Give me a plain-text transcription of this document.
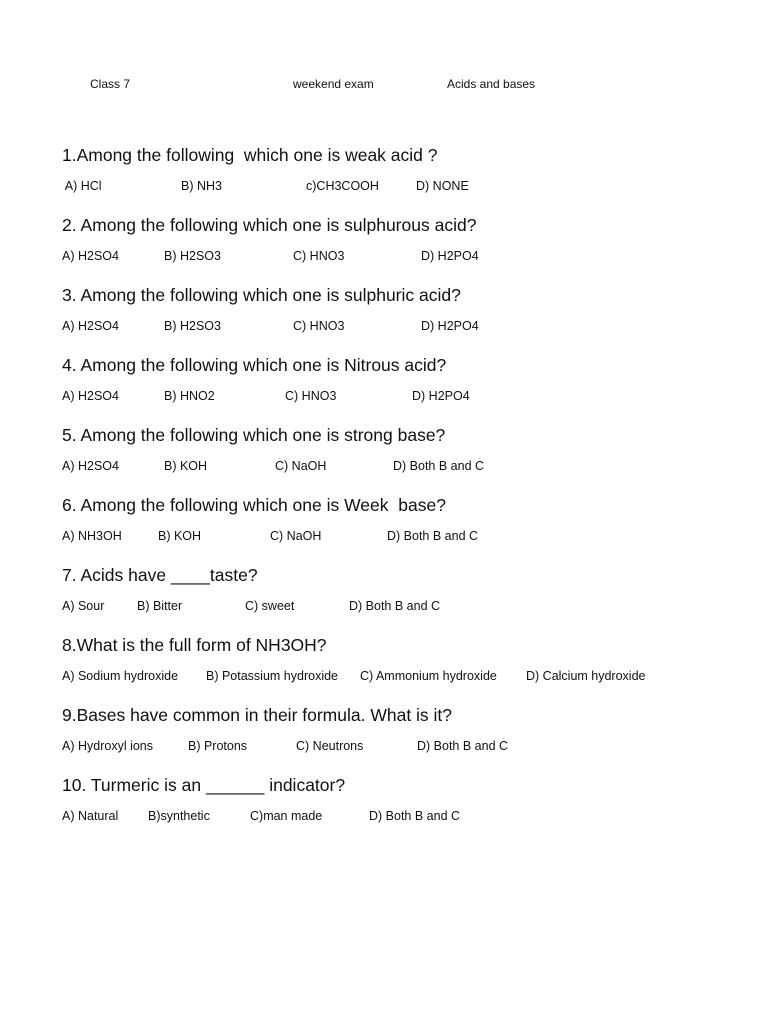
Class 7	weekend exam	Acids and bases
1.Among the following  which one is weak acid ?
A) HCl	B) NH3	c)CH3COOH	D) NONE
2. Among the following which one is sulphurous acid?
A) H2SO4	B) H2SO3	C) HNO3	D) H2PO4
3. Among the following which one is sulphuric acid?
A) H2SO4	B) H2SO3	C) HNO3	D) H2PO4
4. Among the following which one is Nitrous acid?
A) H2SO4	B) HNO2	C) HNO3	D) H2PO4
5. Among the following which one is strong base?
A) H2SO4	B) KOH	C) NaOH	D) Both B and C
6. Among the following which one is Week  base?
A) NH3OH	B) KOH	C) NaOH	D) Both B and C
7. Acids have ____taste?
A) Sour	B) Bitter	C) sweet	D) Both B and C
8.What is the full form of NH3OH?
A) Sodium hydroxide B) Potassium hydroxide C) Ammonium hydroxide D) Calcium hydroxide
9.Bases have common in their formula. What is it?
A) Hydroxyl ions	B) Protons	C) Neutrons	D) Both B and C
10. Turmeric is an ______ indicator?
A) Natural B)synthetic	C)man made	D) Both B and C
